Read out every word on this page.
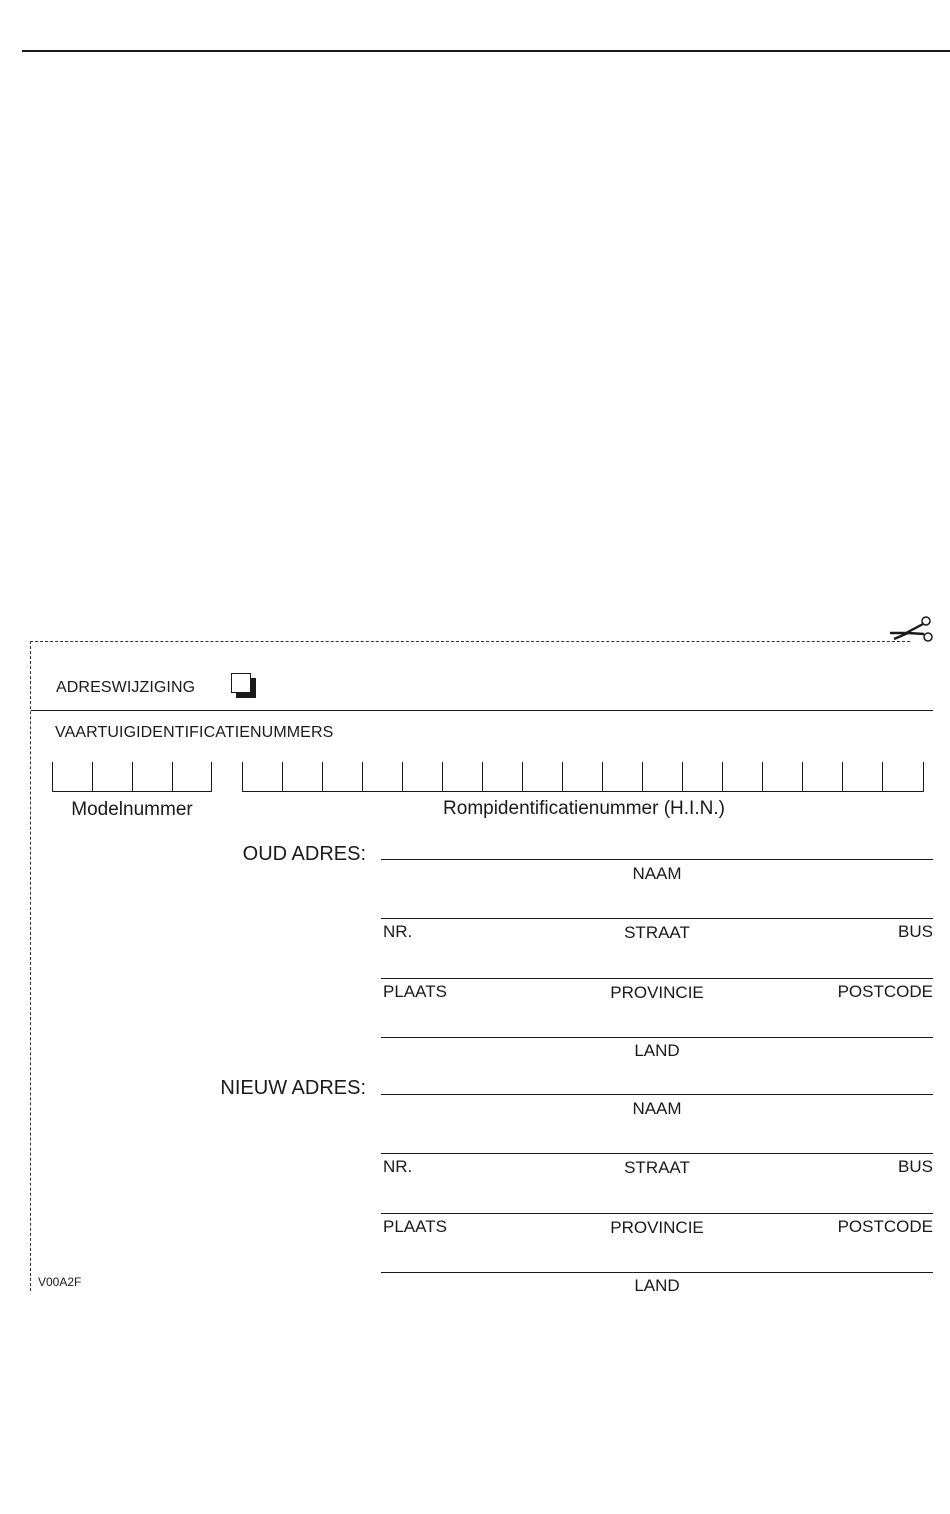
ADRESWIJZIGING
VAARTUIGIDENTIFICATIENUMMERS
Modelnummer	Rompidentificatienummer (H.I.N.)
OUD ADRES:
NAAM
NR.	STRAAT	BUS
PLAATS	PROVINCIE	POSTCODE
LAND
NIEUW ADRES:
NAAM
NR.	STRAAT	BUS
PLAATS	PROVINCIE	POSTCODE
LAND
V00A2F
